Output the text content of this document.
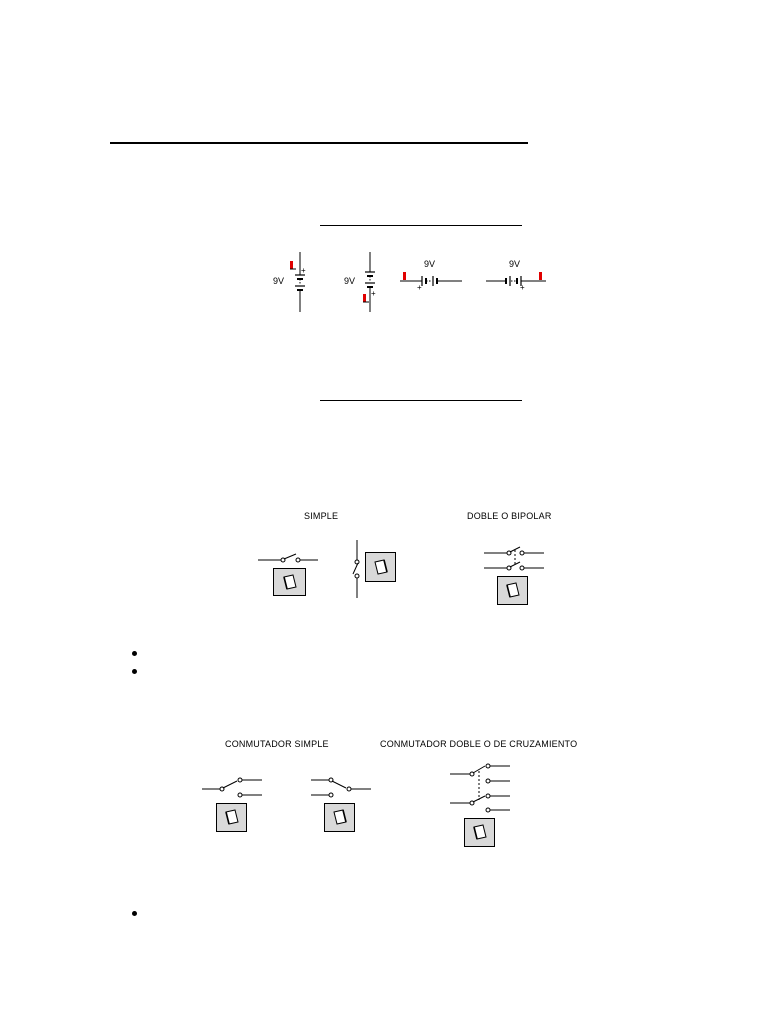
9V
+
9V
+
9V
+
9V
+
SIMPLE	DOBLE O BIPOLAR
CONMUTADOR SIMPLE	CONMUTADOR DOBLE O DE CRUZAMIENTO
